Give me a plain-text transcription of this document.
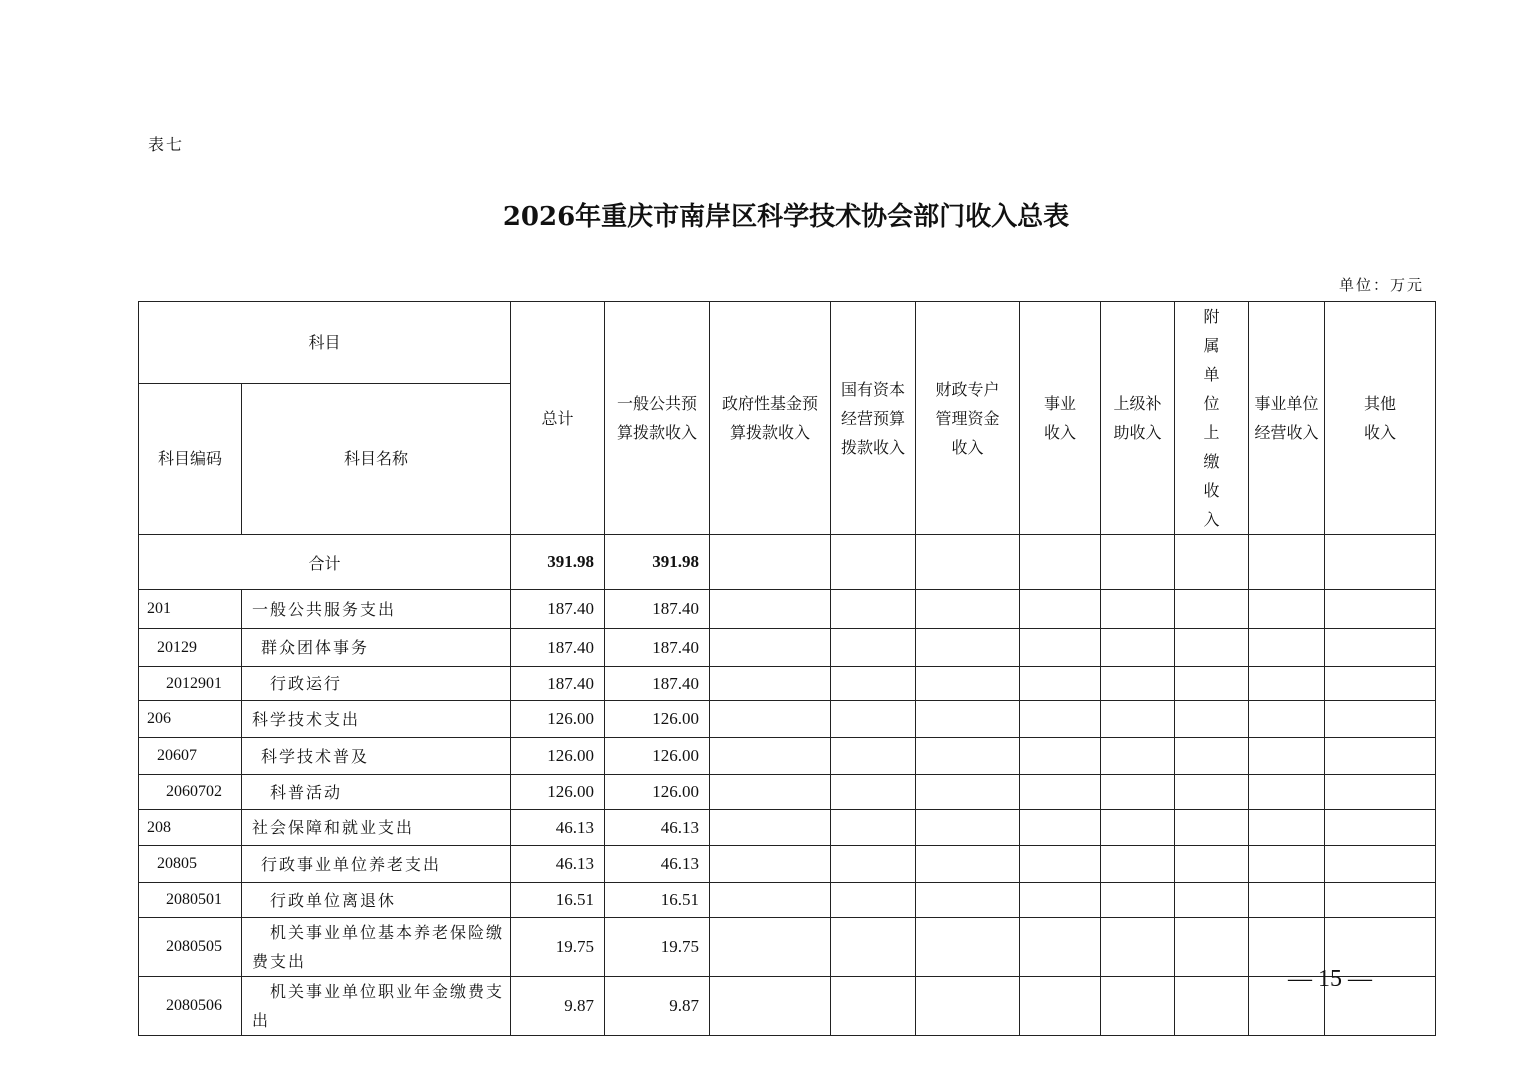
表七
2026年重庆市南岸区科学技术协会部门收入总表
单位：万元
科目		总计	一般公共预算拨款收入	政府性基金预算拨款收入	国有资本经营预算拨款收入	财政专户管理资金收入	事业收入	上级补助收入	附属单位上缴收入	事业单位经营收入	其他收入

科目编码	科目名称										
合计		391.98	391.98								
201	一般公共服务支出	187.40	187.40								
20129	群众团体事务	187.40	187.40								
2012901	行政运行	187.40	187.40								
206	科学技术支出	126.00	126.00								
20607	科学技术普及	126.00	126.00								
2060702	科普活动	126.00	126.00								
208	社会保障和就业支出	46.13	46.13								
20805	行政事业单位养老支出	46.13	46.13								
2080501	行政单位离退休	16.51	16.51								
2080505	机关事业单位基本养老保险缴费支出	19.75	19.75								
2080506	机关事业单位职业年金缴费支出	9.87	9.87								
— 15 —
